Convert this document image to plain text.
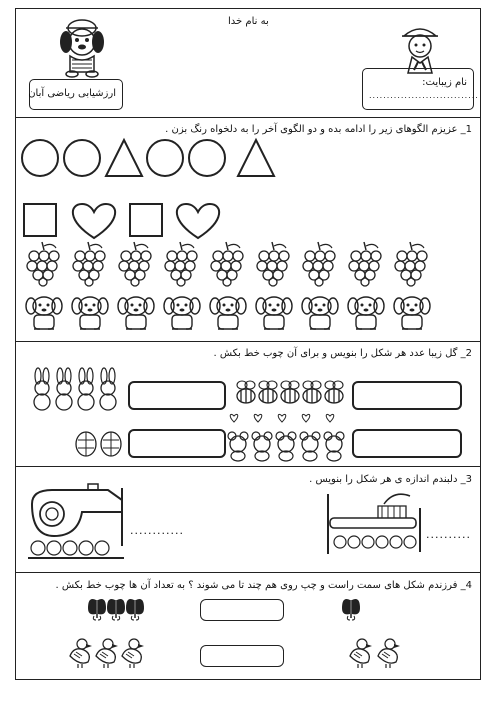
به نام خدا
ارزشیابی ریاضی آبان
نام زیبایت:
...............................
1_ عزیزم الگوهای زیر را ادامه بده و دو الگوی آخر را به دلخواه رنگ بزن .
2_ گل زیبا عدد هر شکل را بنویس و برای آن چوب خط بکش .
3_ دلبندم اندازه ی هر شکل را بنویس .
............	..........
4_ فرزندم شکل های سمت راست و چپ روی هم چند تا می شوند ؟ به تعداد آن ها چوب خط بکش .
